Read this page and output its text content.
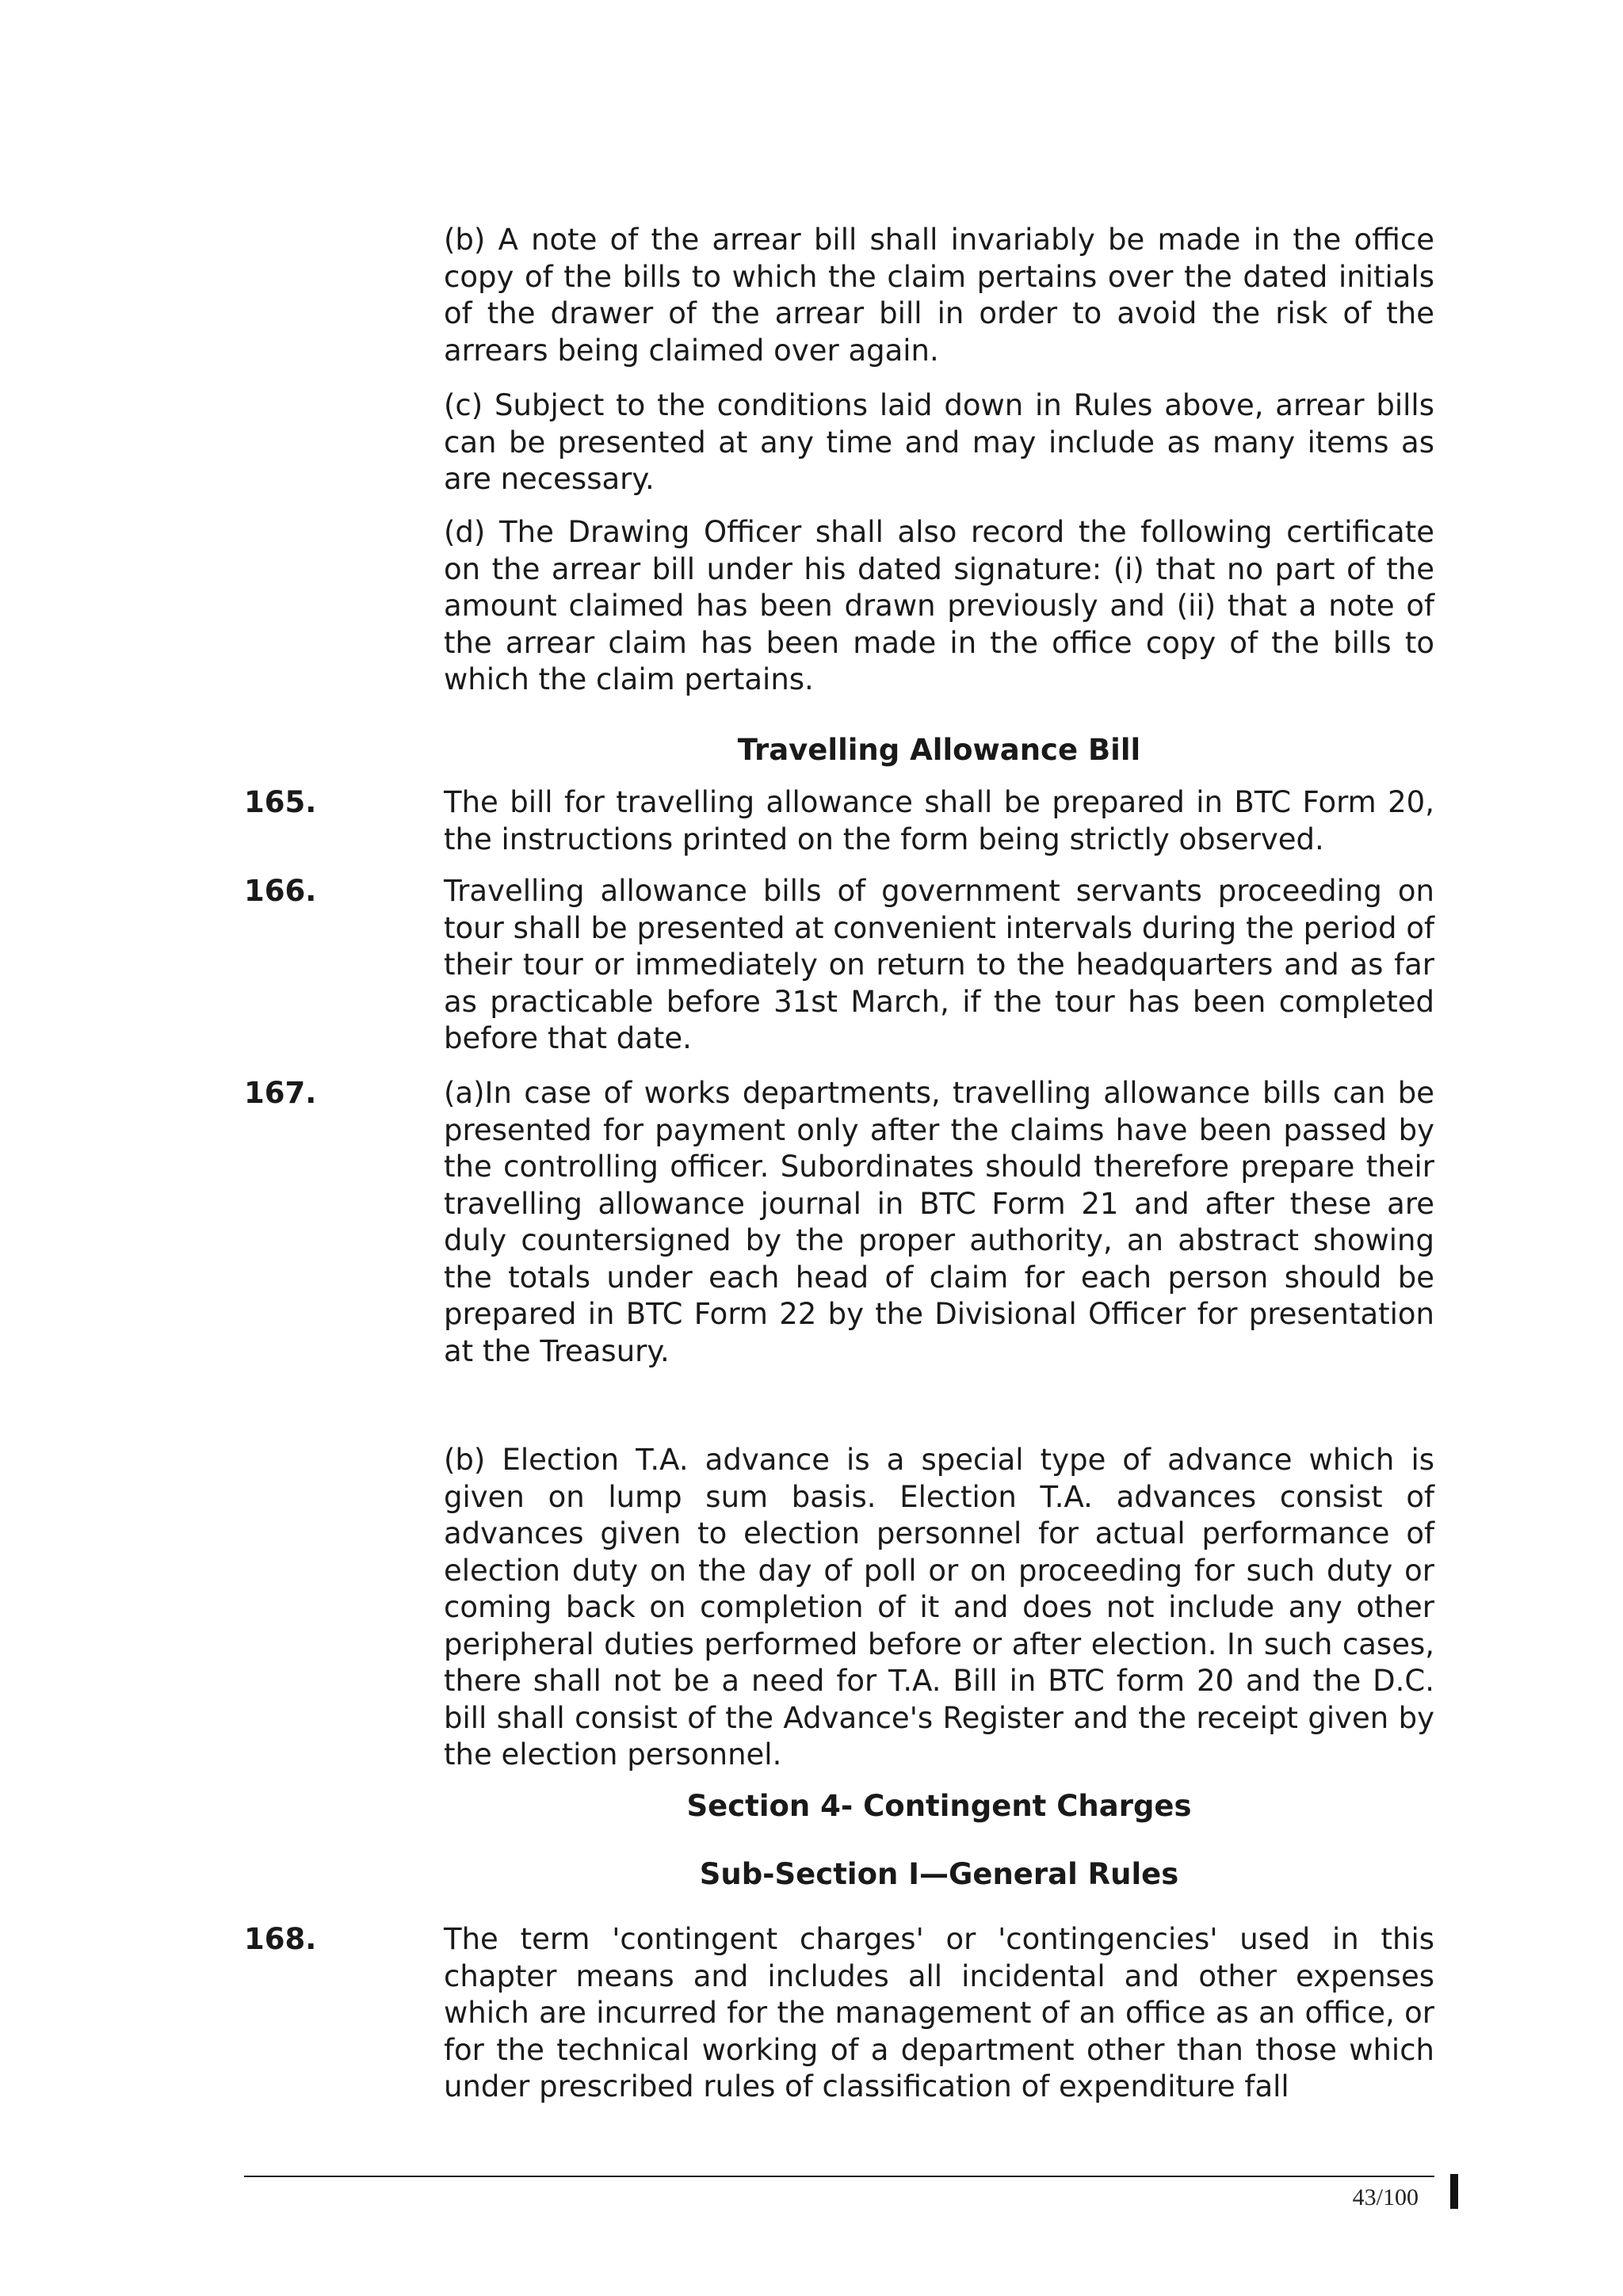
(b) A note of the arrear bill shall invariably be made in the office copy of the bills to which the claim pertains over the dated initials of the drawer of the arrear bill in order to avoid the risk of the arrears being claimed over again.

(c) Subject to the conditions laid down in Rules above, arrear bills can be presented at any time and may include as many items as are necessary.

(d) The Drawing Officer shall also record the following certificate on the arrear bill under his dated signature: (i) that no part of the amount claimed has been drawn previously and (ii) that a note of the arrear claim has been made in the office copy of the bills to which the claim pertains.

Travelling Allowance Bill
165.	The bill for travelling allowance shall be prepared in BTC Form 20, the instructions printed on the form being strictly observed.

166.	Travelling allowance bills of government servants proceeding on tour shall be presented at convenient intervals during the period of their tour or immediately on return to the headquarters and as far as practicable before 31st March, if the tour has been completed before that date.

167.	(a)In case of works departments, travelling allowance bills can be presented for payment only after the claims have been passed by the controlling officer. Subordinates should therefore prepare their travelling allowance journal in BTC Form 21 and after these are duly countersigned by the proper authority, an abstract showing the totals under each head of claim for each person should be prepared in BTC Form 22 by the Divisional Officer for presentation at the Treasury.

(b) Election T.A. advance is a special type of advance which is given on lump sum basis. Election T.A. advances consist of advances given to election personnel for actual performance of election duty on the day of poll or on proceeding for such duty or coming back on completion of it and does not include any other peripheral duties performed before or after election. In such cases, there shall not be a need for T.A. Bill in BTC form 20 and the D.C. bill shall consist of the Advance's Register and the receipt given by the election personnel.

Section 4- Contingent Charges
Sub-Section I—General Rules
168.	The term 'contingent charges' or 'contingencies' used in this chapter means and includes all incidental and other expenses which are incurred for the management of an office as an office, or for the technical working of a department other than those which under prescribed rules of classification of expenditure fall

43/100
